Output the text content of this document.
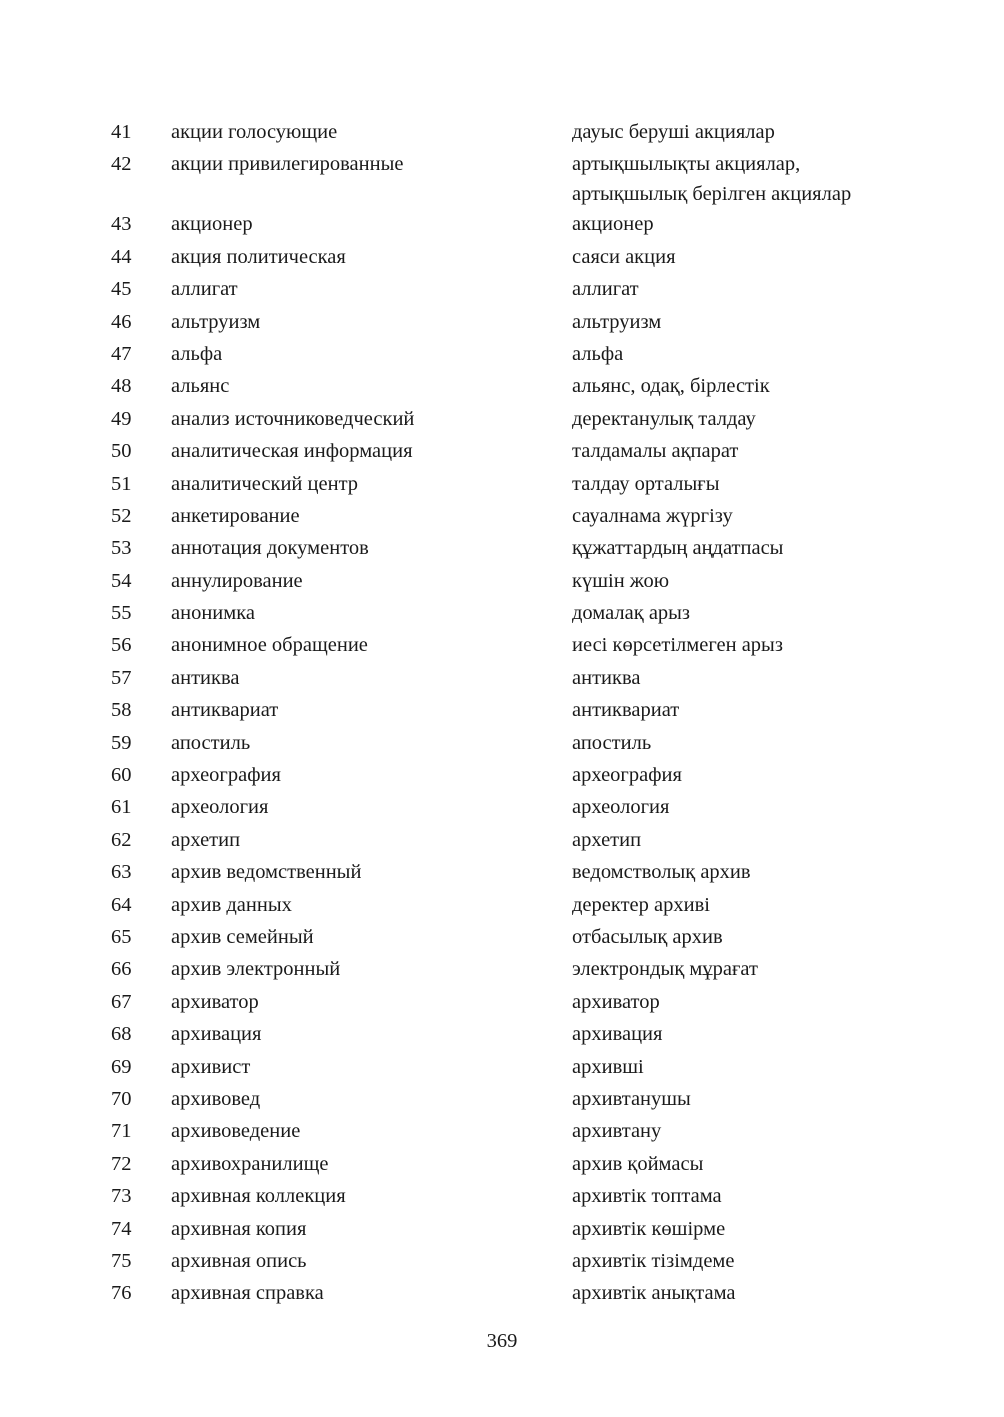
41	акции голосующие	дауыс берушi акциялар
42	акции привилегированные	артықшылықты акциялар,
артықшылық берiлген акциялар
43	акционер	акционер
44	акция политическая	саяси акция
45	аллигат	аллигат
46	альтруизм	альтруизм
47	альфа	альфа
48	альянс	альянс, одақ, бiрлестiк
49	анализ источниковедческий	деректанулық талдау
50	аналитическая информация	талдамалы ақпарат
51	аналитический центр	талдау орталығы
52	анкетирование	сауалнама жүргiзу
53	аннотация документов	құжаттардың аңдатпасы
54	аннулирование	күшiн жою
55	анонимка	домалақ арыз
56	анонимное обращение	иесi көрсетiлмеген арыз
57	антиква	антиква
58	антиквариат	антиквариат
59	апостиль	апостиль
60	археография	археография
61	археология	археология
62	архетип	архетип
63	архив ведомственный	ведомстволық архив
64	архив данных	деректер архивi
65	архив семейный	отбасылық архив
66	архив электронный	электрондық мұрағат
67	архиватор	архиватор
68	архивация	архивация
69	архивист	архившi
70	архивовед	архивтанушы
71	архивоведение	архивтану
72	архивохранилище	архив қоймасы
73	архивная коллекция	архивтiк топтама
74	архивная копия	архивтiк көшiрме
75	архивная опись	архивтiк тiзiмдеме
76	архивная справка	архивтiк анықтама
369
